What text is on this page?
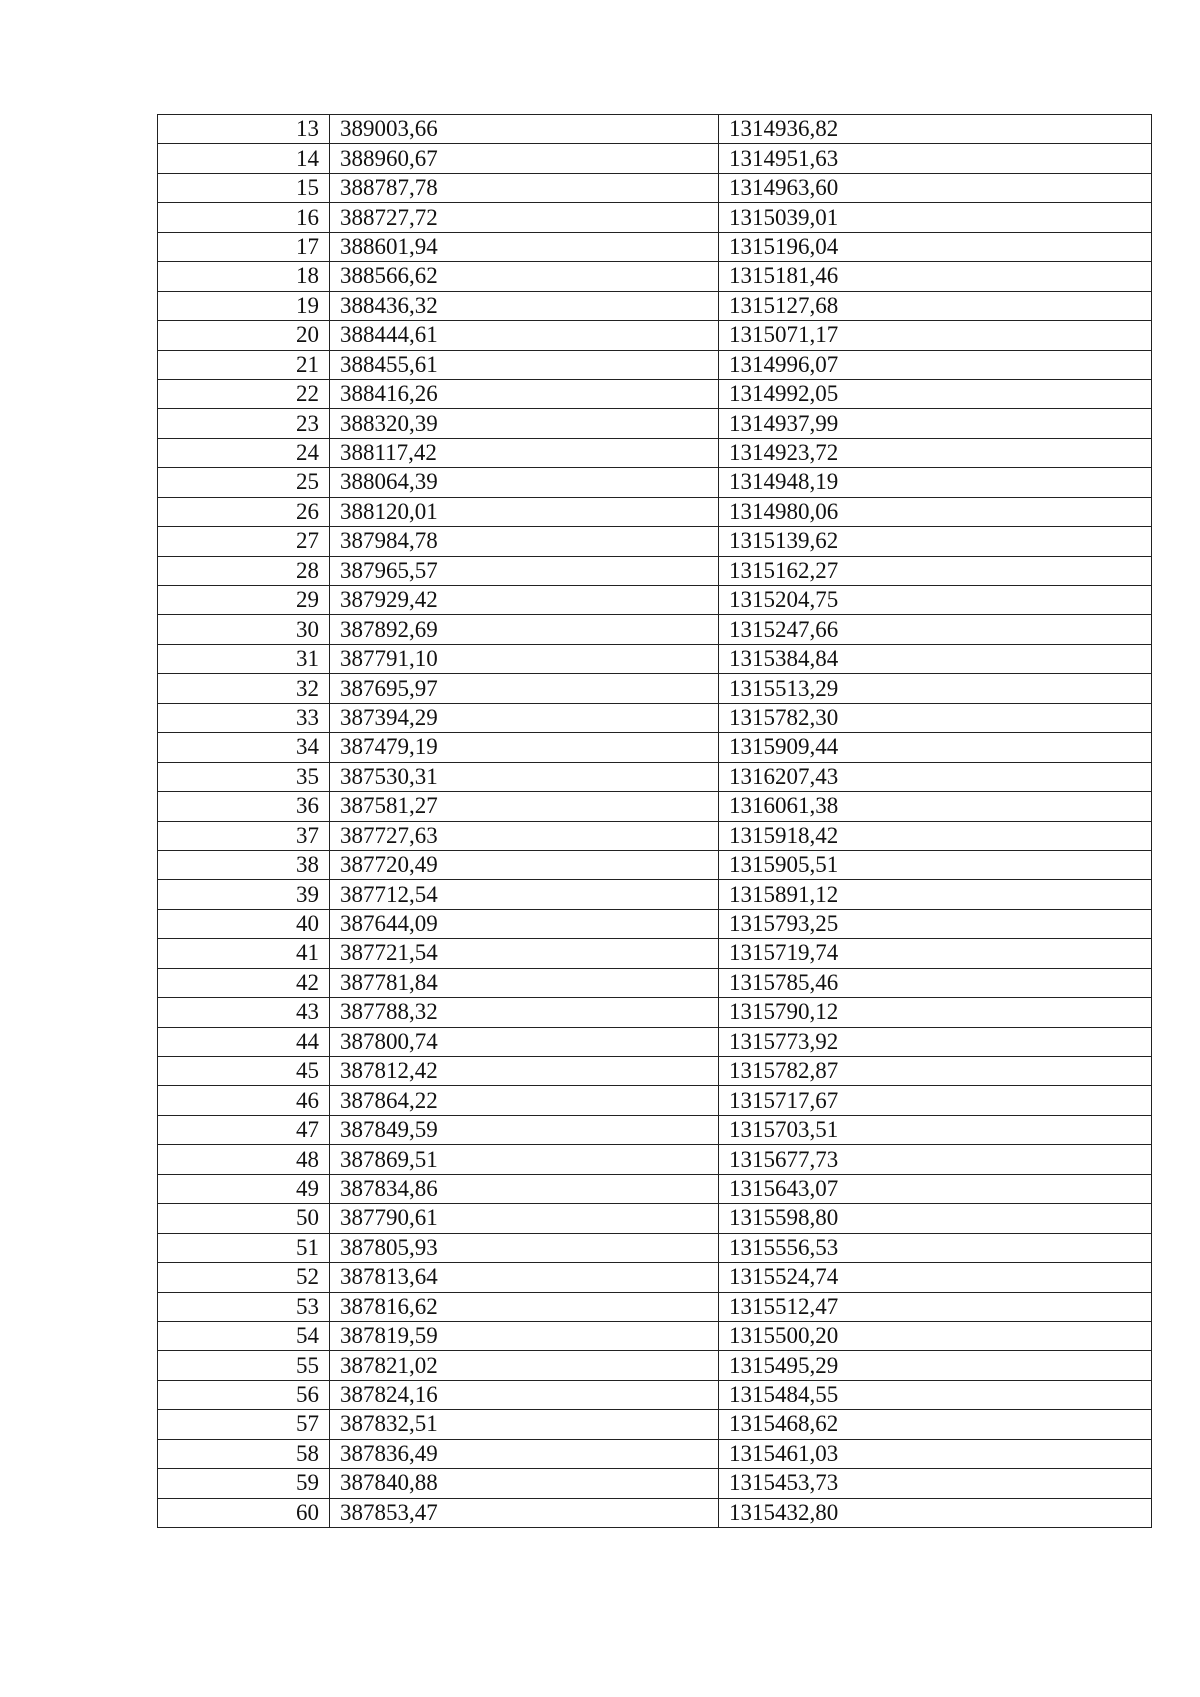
13	389003,66	1314936,82
14	388960,67	1314951,63
15	388787,78	1314963,60
16	388727,72	1315039,01
17	388601,94	1315196,04
18	388566,62	1315181,46
19	388436,32	1315127,68
20	388444,61	1315071,17
21	388455,61	1314996,07
22	388416,26	1314992,05
23	388320,39	1314937,99
24	388117,42	1314923,72
25	388064,39	1314948,19
26	388120,01	1314980,06
27	387984,78	1315139,62
28	387965,57	1315162,27
29	387929,42	1315204,75
30	387892,69	1315247,66
31	387791,10	1315384,84
32	387695,97	1315513,29
33	387394,29	1315782,30
34	387479,19	1315909,44
35	387530,31	1316207,43
36	387581,27	1316061,38
37	387727,63	1315918,42
38	387720,49	1315905,51
39	387712,54	1315891,12
40	387644,09	1315793,25
41	387721,54	1315719,74
42	387781,84	1315785,46
43	387788,32	1315790,12
44	387800,74	1315773,92
45	387812,42	1315782,87
46	387864,22	1315717,67
47	387849,59	1315703,51
48	387869,51	1315677,73
49	387834,86	1315643,07
50	387790,61	1315598,80
51	387805,93	1315556,53
52	387813,64	1315524,74
53	387816,62	1315512,47
54	387819,59	1315500,20
55	387821,02	1315495,29
56	387824,16	1315484,55
57	387832,51	1315468,62
58	387836,49	1315461,03
59	387840,88	1315453,73
60	387853,47	1315432,80
